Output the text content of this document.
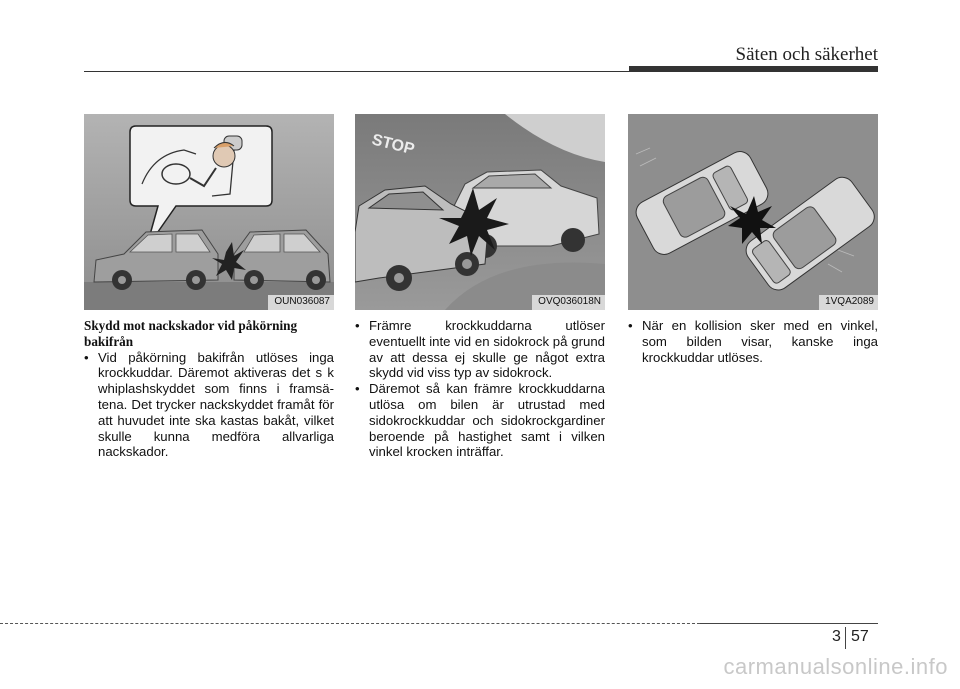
Säten och säkerhet
OUN036087
STOP
OVQ036018N	1VQA2089

Skydd mot nackskador vid påkörning
bakifrån

• Vid påkörning bakifrån utlöses inga krockkuddar. Däremot aktiveras det s k whiplashskyddet som finns i framsä- tena. Det trycker nackskyddet framåt för att huvudet inte ska kastas bakåt, vilket skulle kunna medföra allvarliga nackskador.

• Främre krockkuddarna utlöser eventuellt inte vid en sidokrock på grund av att dessa ej skulle ge något extra skydd vid viss typ av sidokrock.

• Däremot så kan främre krockkuddarna utlösa om bilen är utrustad med sidokrockkuddar och sidokrockgardiner beroende på hastighet samt i vilken vinkel krocken inträffar.

• När en kollision sker med en vinkel, som bilden visar, kanske inga krockkuddar utlöses.

3 57
carmanualsonline.info
